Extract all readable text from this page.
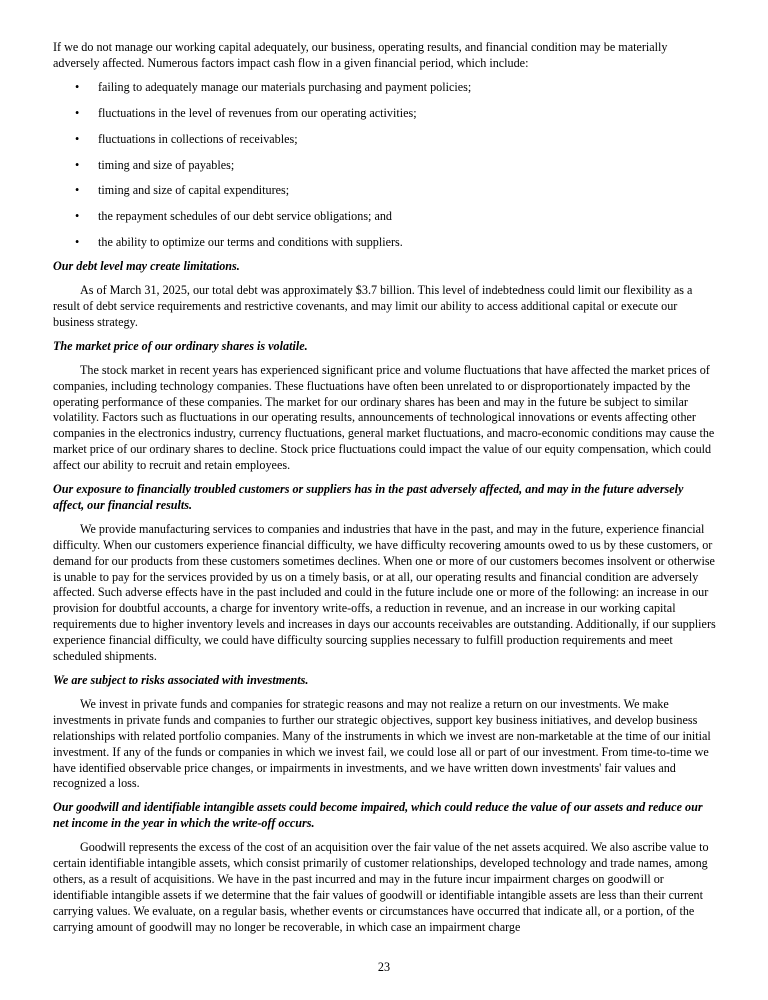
If we do not manage our working capital adequately, our business, operating results, and financial condition may be materially adversely affected. Numerous factors impact cash flow in a given financial period, which include:

• failing to adequately manage our materials purchasing and payment policies;
• fluctuations in the level of revenues from our operating activities;
• fluctuations in collections of receivables;
• timing and size of payables;
• timing and size of capital expenditures;
• the repayment schedules of our debt service obligations; and
• the ability to optimize our terms and conditions with suppliers.

Our debt level may create limitations.

As of March 31, 2025, our total debt was approximately $3.7 billion. This level of indebtedness could limit our flexibility as a result of debt service requirements and restrictive covenants, and may limit our ability to access additional capital or execute our business strategy.

The market price of our ordinary shares is volatile.

The stock market in recent years has experienced significant price and volume fluctuations that have affected the market prices of companies, including technology companies. These fluctuations have often been unrelated to or disproportionately impacted by the operating performance of these companies. The market for our ordinary shares has been and may in the future be subject to similar volatility. Factors such as fluctuations in our operating results, announcements of technological innovations or events affecting other companies in the electronics industry, currency fluctuations, general market fluctuations, and macro-economic conditions may cause the market price of our ordinary shares to decline. Stock price fluctuations could impact the value of our equity compensation, which could affect our ability to recruit and retain employees.

Our exposure to financially troubled customers or suppliers has in the past adversely affected, and may in the future adversely affect, our financial results.

We provide manufacturing services to companies and industries that have in the past, and may in the future, experience financial difficulty. When our customers experience financial difficulty, we have difficulty recovering amounts owed to us by these customers, or demand for our products from these customers sometimes declines. When one or more of our customers becomes insolvent or otherwise is unable to pay for the services provided by us on a timely basis, or at all, our operating results and financial condition are adversely affected. Such adverse effects have in the past included and could in the future include one or more of the following: an increase in our provision for doubtful accounts, a charge for inventory write-offs, a reduction in revenue, and an increase in our working capital requirements due to higher inventory levels and increases in days our accounts receivables are outstanding. Additionally, if our suppliers experience financial difficulty, we could have difficulty sourcing supplies necessary to fulfill production requirements and meet scheduled shipments.

We are subject to risks associated with investments.

We invest in private funds and companies for strategic reasons and may not realize a return on our investments. We make investments in private funds and companies to further our strategic objectives, support key business initiatives, and develop business relationships with related portfolio companies. Many of the instruments in which we invest are non-marketable at the time of our initial investment. If any of the funds or companies in which we invest fail, we could lose all or part of our investment. From time-to-time we have identified observable price changes, or impairments in investments, and we have written down investments' fair values and recognized a loss.

Our goodwill and identifiable intangible assets could become impaired, which could reduce the value of our assets and reduce our net income in the year in which the write-off occurs.

Goodwill represents the excess of the cost of an acquisition over the fair value of the net assets acquired. We also ascribe value to certain identifiable intangible assets, which consist primarily of customer relationships, developed technology and trade names, among others, as a result of acquisitions. We have in the past incurred and may in the future incur impairment charges on goodwill or identifiable intangible assets if we determine that the fair values of goodwill or identifiable intangible assets are less than their current carrying values. We evaluate, on a regular basis, whether events or circumstances have occurred that indicate all, or a portion, of the carrying amount of goodwill may no longer be recoverable, in which case an impairment charge

23
